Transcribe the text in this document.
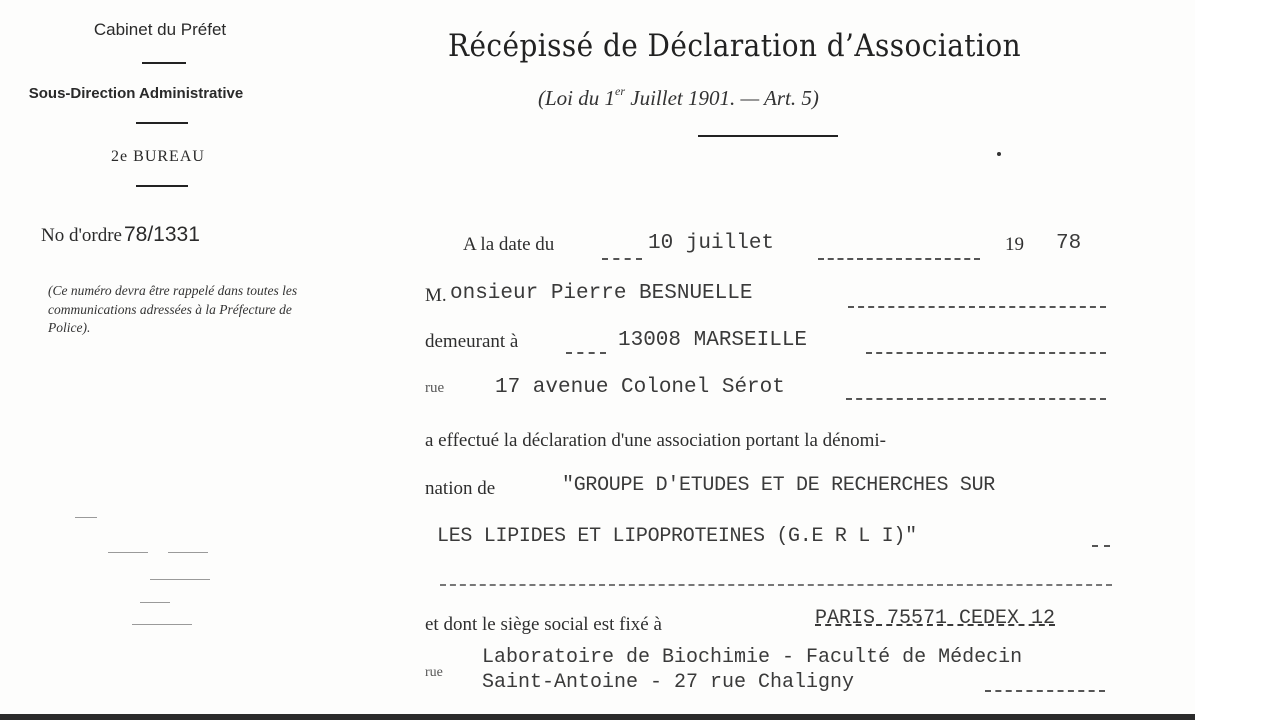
Cabinet du Préfet
Sous-Direction Administrative
2e BUREAU
No d'ordre78/1331
(Ce numéro devra être rappelé dans toutes les communications adressées à la Préfecture de Police).
Récépissé de Déclaration d’Association
(Loi du 1er Juillet 1901. — Art. 5)
A la date du	10 juillet	19 78
M. onsieur Pierre BESNUELLE
demeurant à	13008 MARSEILLE
rue 17 avenue Colonel Sérot
a effectué la déclaration d'une association portant la dénomi-
nation de	"GROUPE D'ETUDES ET DE RECHERCHES SUR
LES LIPIDES ET LIPOPROTEINES (G.E R L I)"
et dont le siège social est fixé à	PARIS 75571 CEDEX 12
rue
Laboratoire de Biochimie - Faculté de Médecin
Saint-Antoine - 27 rue Chaligny
